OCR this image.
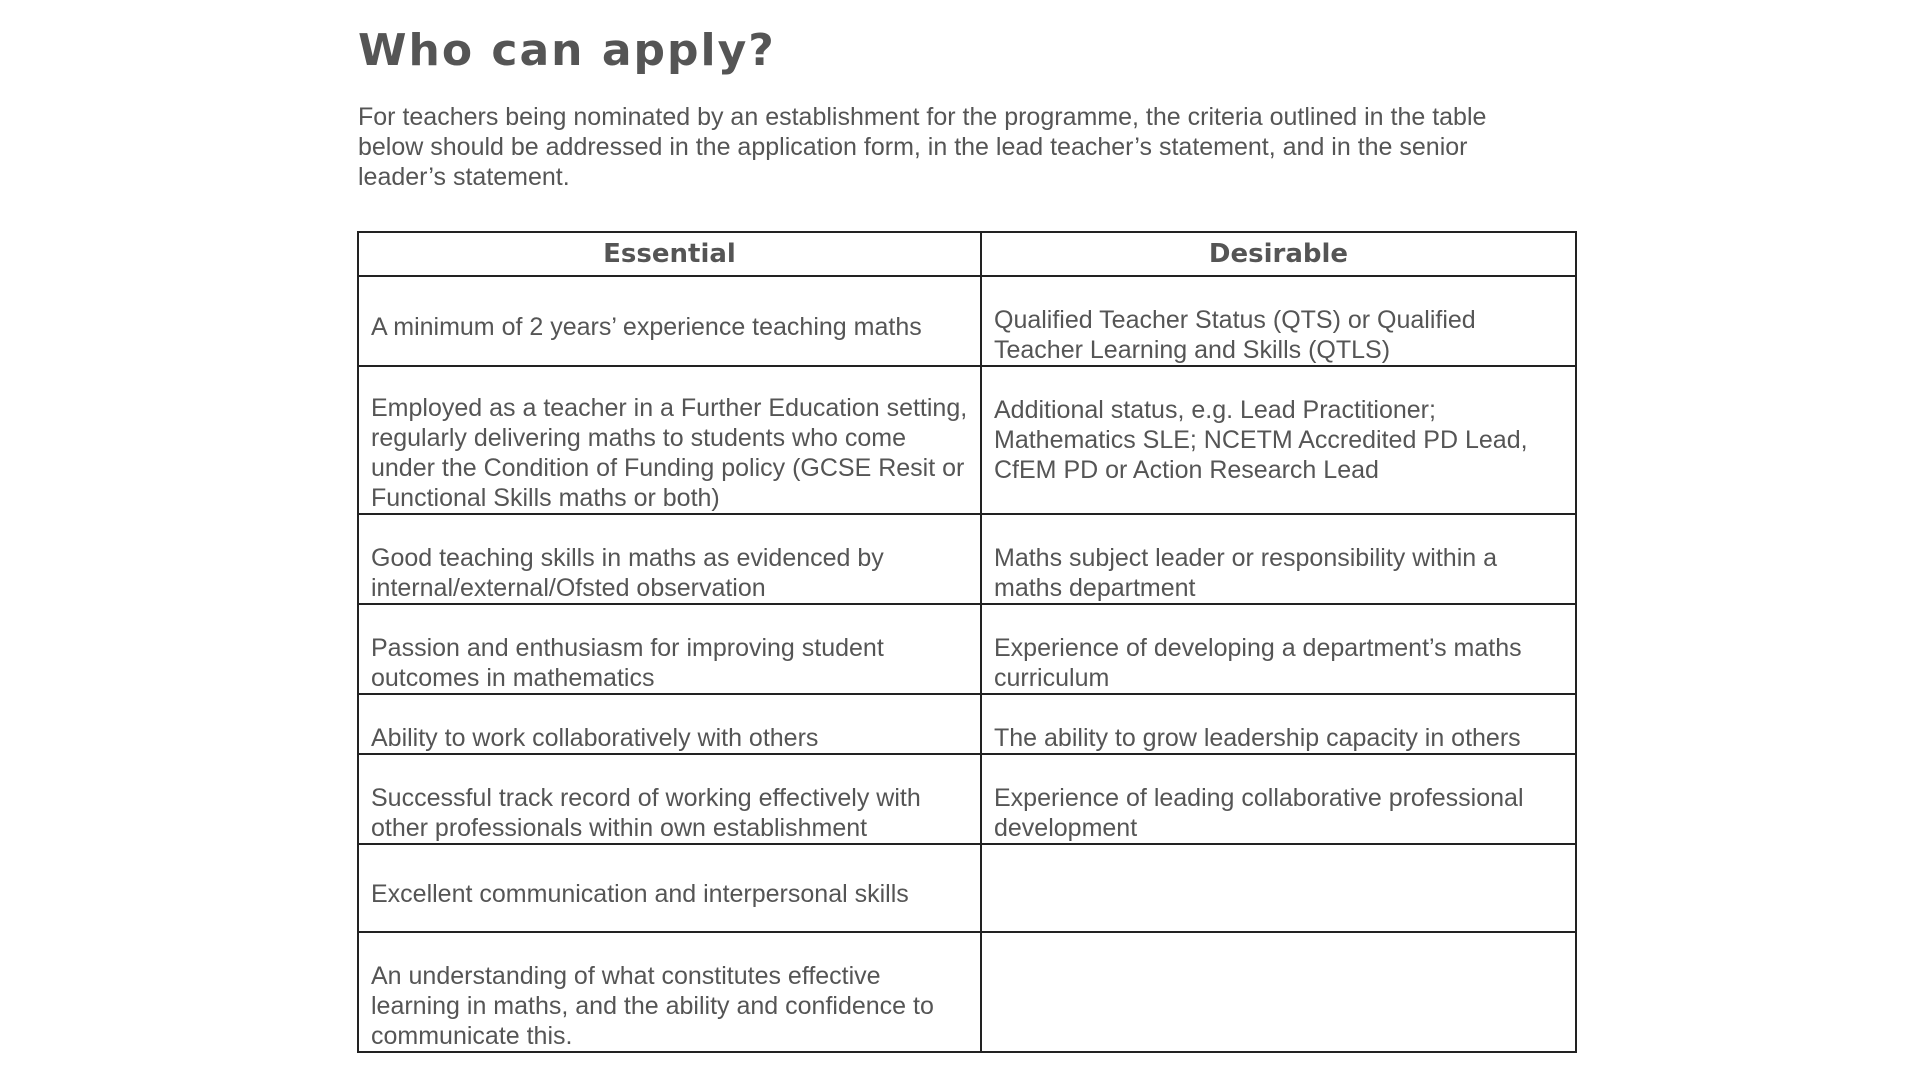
Who can apply?

For teachers being nominated by an establishment for the programme, the criteria outlined in the table below should be addressed in the application form, in the lead teacher’s statement, and in the senior leader’s statement.

Essential	Desirable

A minimum of 2 years’ experience teaching maths	Qualified Teacher Status (QTS) or Qualified Teacher Learning and Skills (QTLS)

Employed as a teacher in a Further Education setting, regularly delivering maths to students who come under the Condition of Funding policy (GCSE Resit or Functional Skills maths or both)	Additional status, e.g. Lead Practitioner; Mathematics SLE; NCETM Accredited PD Lead, CfEM PD or Action Research Lead

Good teaching skills in maths as evidenced by internal/external/Ofsted observation	Maths subject leader or responsibility within a maths department

Passion and enthusiasm for improving student outcomes in mathematics	Experience of developing a department’s maths curriculum

Ability to work collaboratively with others	The ability to grow leadership capacity in others

Successful track record of working effectively with other professionals within own establishment	Experience of leading collaborative professional development

Excellent communication and interpersonal skills	

An understanding of what constitutes effective learning in maths, and the ability and confidence to communicate this.	
